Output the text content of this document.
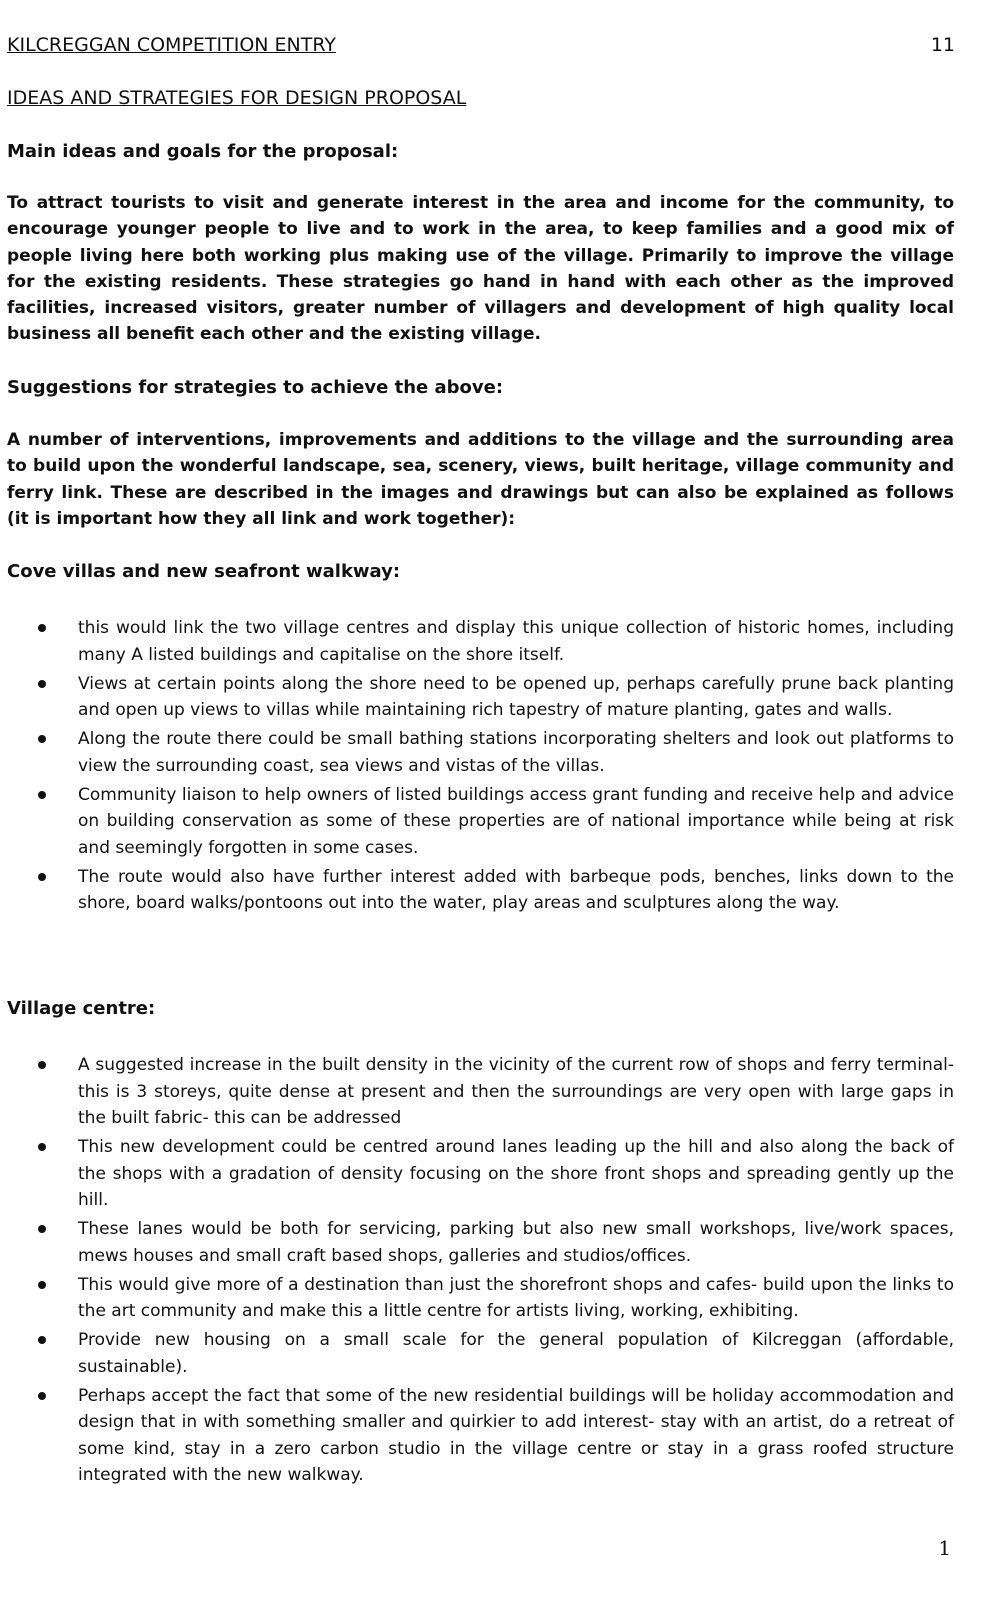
KILCREGGAN COMPETITION ENTRY	11
IDEAS AND STRATEGIES FOR DESIGN PROPOSAL
Main ideas and goals for the proposal:

To attract tourists to visit and generate interest in the area and income for the community, to encourage younger people to live and to work in the area, to keep families and a good mix of people living here both working plus making use of the village. Primarily to improve the village for the existing residents. These strategies go hand in hand with each other as the improved facilities, increased visitors, greater number of villagers and development of high quality local business all benefit each other and the existing village.

Suggestions for strategies to achieve the above:

A number of interventions, improvements and additions to the village and the surrounding area to build upon the wonderful landscape, sea, scenery, views, built heritage, village community and ferry link. These are described in the images and drawings but can also be explained as follows (it is important how they all link and work together):

Cove villas and new seafront walkway:
this would link the two village centres and display this unique collection of historic homes, including many A listed buildings and capitalise on the shore itself.
Views at certain points along the shore need to be opened up, perhaps carefully prune back planting and open up views to villas while maintaining rich tapestry of mature planting, gates and walls.
Along the route there could be small bathing stations incorporating shelters and look out platforms to view the surrounding coast, sea views and vistas of the villas.
Community liaison to help owners of listed buildings access grant funding and receive help and advice on building conservation as some of these properties are of national importance while being at risk and seemingly forgotten in some cases.
The route would also have further interest added with barbeque pods, benches, links down to the shore, board walks/pontoons out into the water, play areas and sculptures along the way.
Village centre:
A suggested increase in the built density in the vicinity of the current row of shops and ferry terminal- this is 3 storeys, quite dense at present and then the surroundings are very open with large gaps in the built fabric- this can be addressed
This new development could be centred around lanes leading up the hill and also along the back of the shops with a gradation of density focusing on the shore front shops and spreading gently up the hill.
These lanes would be both for servicing, parking but also new small workshops, live/work spaces, mews houses and small craft based shops, galleries and studios/offices.
This would give more of a destination than just the shorefront shops and cafes- build upon the links to the art community and make this a little centre for artists living, working, exhibiting.
Provide new housing on a small scale for the general population of Kilcreggan (affordable, sustainable).
Perhaps accept the fact that some of the new residential buildings will be holiday accommodation and design that in with something smaller and quirkier to add interest- stay with an artist, do a retreat of some kind, stay in a zero carbon studio in the village centre or stay in a grass roofed structure integrated with the new walkway.
1
